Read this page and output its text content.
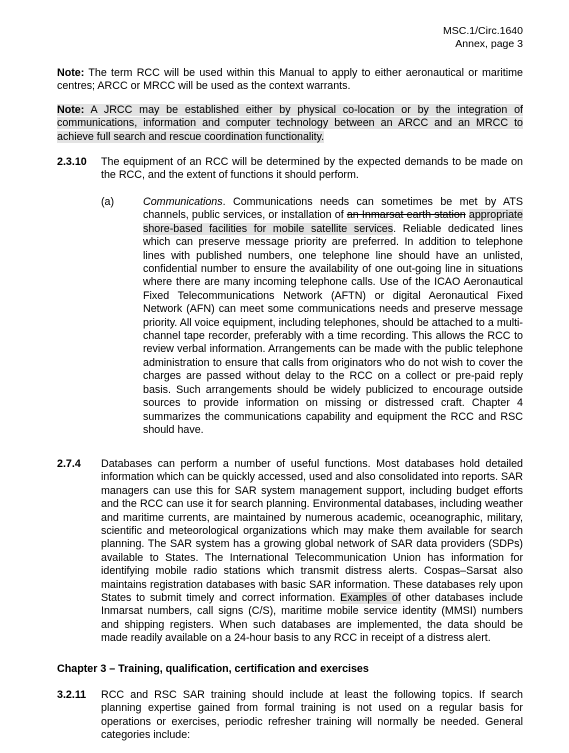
MSC.1/Circ.1640
Annex, page 3
Note: The term RCC will be used within this Manual to apply to either aeronautical or maritime centres; ARCC or MRCC will be used as the context warrants.
Note: A JRCC may be established either by physical co-location or by the integration of communications, information and computer technology between an ARCC and an MRCC to achieve full search and rescue coordination functionality.
2.3.10 The equipment of an RCC will be determined by the expected demands to be made on the RCC, and the extent of functions it should perform.
(a)	Communications. Communications needs can sometimes be met by ATS channels, public services, or installation of an Inmarsat earth station appropriate shore-based facilities for mobile satellite services. Reliable dedicated lines which can preserve message priority are preferred. In addition to telephone lines with published numbers, one telephone line should have an unlisted, confidential number to ensure the availability of one out-going line in situations where there are many incoming telephone calls. Use of the ICAO Aeronautical Fixed Telecommunications Network (AFTN) or digital Aeronautical Fixed Network (AFN) can meet some communications needs and preserve message priority. All voice equipment, including telephones, should be attached to a multi-channel tape recorder, preferably with a time recording. This allows the RCC to review verbal information. Arrangements can be made with the public telephone administration to ensure that calls from originators who do not wish to cover the charges are passed without delay to the RCC on a collect or pre-paid reply basis. Such arrangements should be widely publicized to encourage outside sources to provide information on missing or distressed craft. Chapter 4 summarizes the communications capability and equipment the RCC and RSC should have.
2.7.4 Databases can perform a number of useful functions. Most databases hold detailed information which can be quickly accessed, used and also consolidated into reports. SAR managers can use this for SAR system management support, including budget efforts and the RCC can use it for search planning. Environmental databases, including weather and maritime currents, are maintained by numerous academic, oceanographic, military, scientific and meteorological organizations which may make them available for search planning. The SAR system has a growing global network of SAR data providers (SDPs) available to States. The International Telecommunication Union has information for identifying mobile radio stations which transmit distress alerts. Cospas–Sarsat also maintains registration databases with basic SAR information. These databases rely upon States to submit timely and correct information. Examples of other databases include Inmarsat numbers, call signs (C/S), maritime mobile service identity (MMSI) numbers and shipping registers. When such databases are implemented, the data should be made readily available on a 24-hour basis to any RCC in receipt of a distress alert.
Chapter 3 – Training, qualification, certification and exercises
3.2.11 RCC and RSC SAR training should include at least the following topics. If search planning expertise gained from formal training is not used on a regular basis for operations or exercises, periodic refresher training will normally be needed. General categories include:
